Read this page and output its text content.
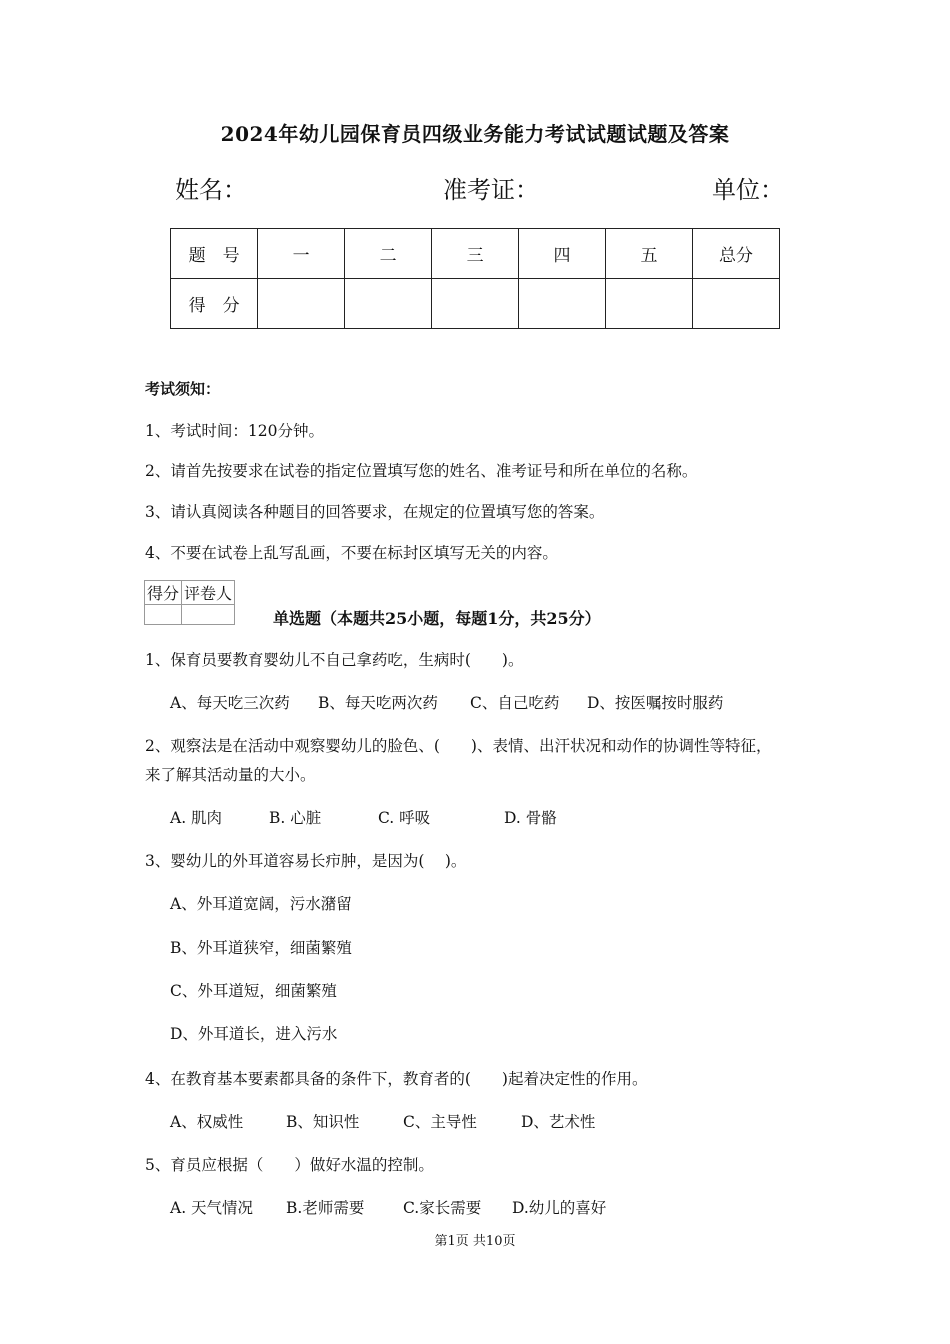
2024年幼儿园保育员四级业务能力考试试题试题及答案
姓名：	准考证：	单位：
题　号	一	二	三	四	五	总分
得　分						
考试须知：
1、考试时间：120分钟。
2、请首先按要求在试卷的指定位置填写您的姓名、准考证号和所在单位的名称。
3、请认真阅读各种题目的回答要求，在规定的位置填写您的答案。
4、不要在试卷上乱写乱画，不要在标封区填写无关的内容。
得分	评卷人

单选题（本题共25小题，每题1分，共25分）
1、保育员要教育婴幼儿不自己拿药吃，生病时(　　)。
A、每天吃三次药 B、每天吃两次药 C、自己吃药 D、按医嘱按时服药
2、观察法是在活动中观察婴幼儿的脸色、(　　)、表情、出汗状况和动作的协调性等特征，
来了解其活动量的大小。
A. 肌肉	B. 心脏	C. 呼吸	D. 骨骼
3、婴幼儿的外耳道容易长疖肿，是因为(　 )。
A、外耳道宽阔，污水潴留
B、外耳道狭窄，细菌繁殖
C、外耳道短，细菌繁殖
D、外耳道长，进入污水
4、在教育基本要素都具备的条件下，教育者的(　　)起着决定性的作用。
A、权威性	B、知识性	C、主导性	D、艺术性
5、育员应根据（　　）做好水温的控制。
A. 天气情况 B.老师需要 C.家长需要 D.幼儿的喜好
第1页 共10页
